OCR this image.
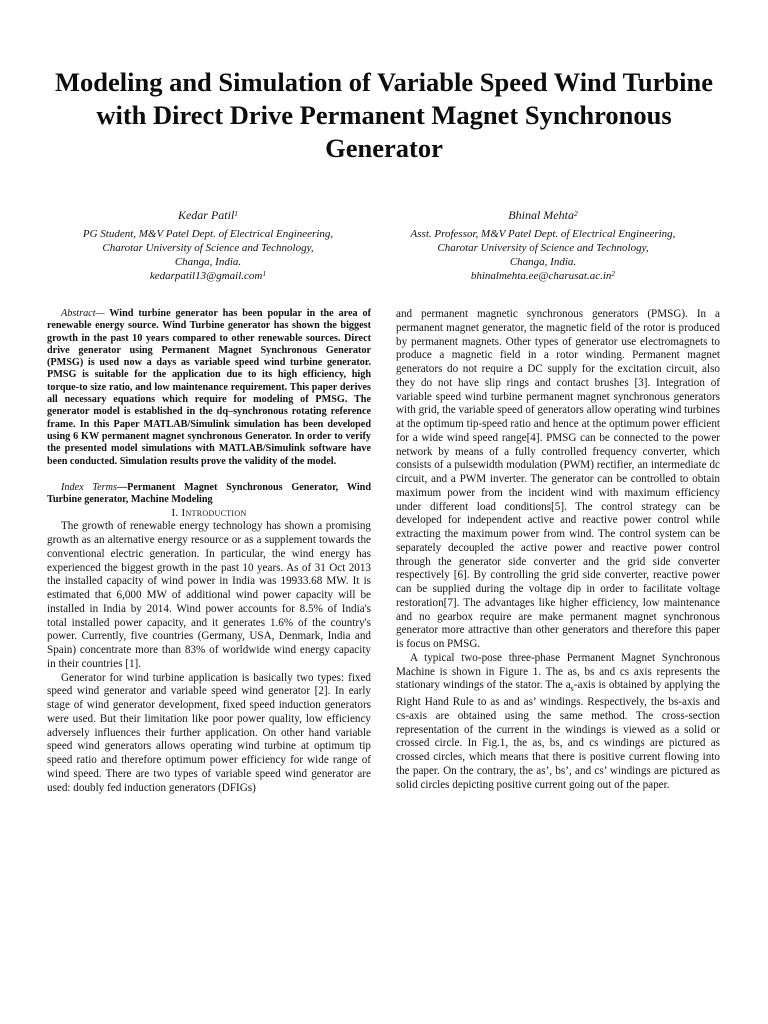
Modeling and Simulation of Variable Speed Wind Turbine with Direct Drive Permanent Magnet Synchronous Generator
Kedar Patil$^1$
PG Student, M&V Patel Dept. of Electrical Engineering,
Charotar University of Science and Technology,
Changa, India.
kedarpatil13@gmail.com$^1$
Bhinal Mehta$^2$
Asst. Professor, M&V Patel Dept. of Electrical Engineering,
Charotar University of Science and Technology,
Changa, India.
$bhinalmehta.ee@charusat.ac.in^2$

Abstract— Wind turbine generator has been popular in the area of renewable energy source. Wind Turbine generator has shown the biggest growth in the past 10 years compared to other renewable sources. Direct drive generator using Permanent Magnet Synchronous Generator (PMSG) is used now a days as variable speed wind turbine generator. PMSG is suitable for the application due to its high efficiency, high torque-to size ratio, and low maintenance requirement. This paper derives all necessary equations which require for modeling of PMSG. The generator model is established in the dq–synchronous rotating reference frame. In this Paper MATLAB/Simulink simulation has been developed using 6 KW permanent magnet synchronous Generator. In order to verify the presented model simulations with MATLAB/Simulink software have been conducted. Simulation results prove the validity of the model.

Index Terms—Permanent Magnet Synchronous Generator, Wind Turbine generator, Machine Modeling

I. Introduction

The growth of renewable energy technology has shown a promising growth as an alternative energy resource or as a supplement towards the conventional electric generation. In particular, the wind energy has experienced the biggest growth in the past 10 years. As of 31 Oct 2013 the installed capacity of wind power in India was 19933.68 MW. It is estimated that 6,000 MW of additional wind power capacity will be installed in India by 2014. Wind power accounts for 8.5% of India's total installed power capacity, and it generates 1.6% of the country's power. Currently, five countries (Germany, USA, Denmark, India and Spain) concentrate more than 83% of worldwide wind energy capacity in their countries [1].

Generator for wind turbine application is basically two types: fixed speed wind generator and variable speed wind generator [2]. In early stage of wind generator development, fixed speed induction generators were used. But their limitation like poor power quality, low efficiency adversely influences their further application. On other hand variable speed wind generators allows operating wind turbine at optimum tip speed ratio and therefore optimum power efficiency for wide range of wind speed. There are two types of variable speed wind generator are used: doubly fed induction generators (DFIGs)

and permanent magnetic synchronous generators (PMSG). In a permanent magnet generator, the magnetic field of the rotor is produced by permanent magnets. Other types of generator use electromagnets to produce a magnetic field in a rotor winding. Permanent magnet generators do not require a DC supply for the excitation circuit, also they do not have slip rings and contact brushes [3]. Integration of variable speed wind turbine permanent magnet synchronous generators with grid, the variable speed of generators allow operating wind turbines at the optimum tip-speed ratio and hence at the optimum power efficient for a wide wind speed range[4]. PMSG can be connected to the power network by means of a fully controlled frequency converter, which consists of a pulsewidth modulation (PWM) rectifier, an intermediate dc circuit, and a PWM inverter. The generator can be controlled to obtain maximum power from the incident wind with maximum efficiency under different load conditions[5]. The control strategy can be developed for independent active and reactive power control while extracting the maximum power from wind. The control system can be separately decoupled the active power and reactive power control through the generator side converter and the grid side converter respectively [6]. By controlling the grid side converter, reactive power can be supplied during the voltage dip in order to facilitate voltage restoration[7]. The advantages like higher efficiency, low maintenance and no gearbox require are make permanent magnet synchronous generator more attractive than other generators and therefore this paper is focus on PMSG.

A typical two-pose three-phase Permanent Magnet Synchronous Machine is shown in Figure 1. The as, bs and cs axis represents the stationary windings of the stator. The $a_s$-axis is obtained by applying the Right Hand Rule to as and as’ windings. Respectively, the bs-axis and cs-axis are obtained using the same method. The cross-section representation of the current in the windings is viewed as a solid or crossed circle. In Fig.1, the as, bs, and cs windings are pictured as crossed circles, which means that there is positive current flowing into the paper. On the contrary, the as’, bs’, and cs’ windings are pictured as solid circles depicting positive current going out of the paper.
